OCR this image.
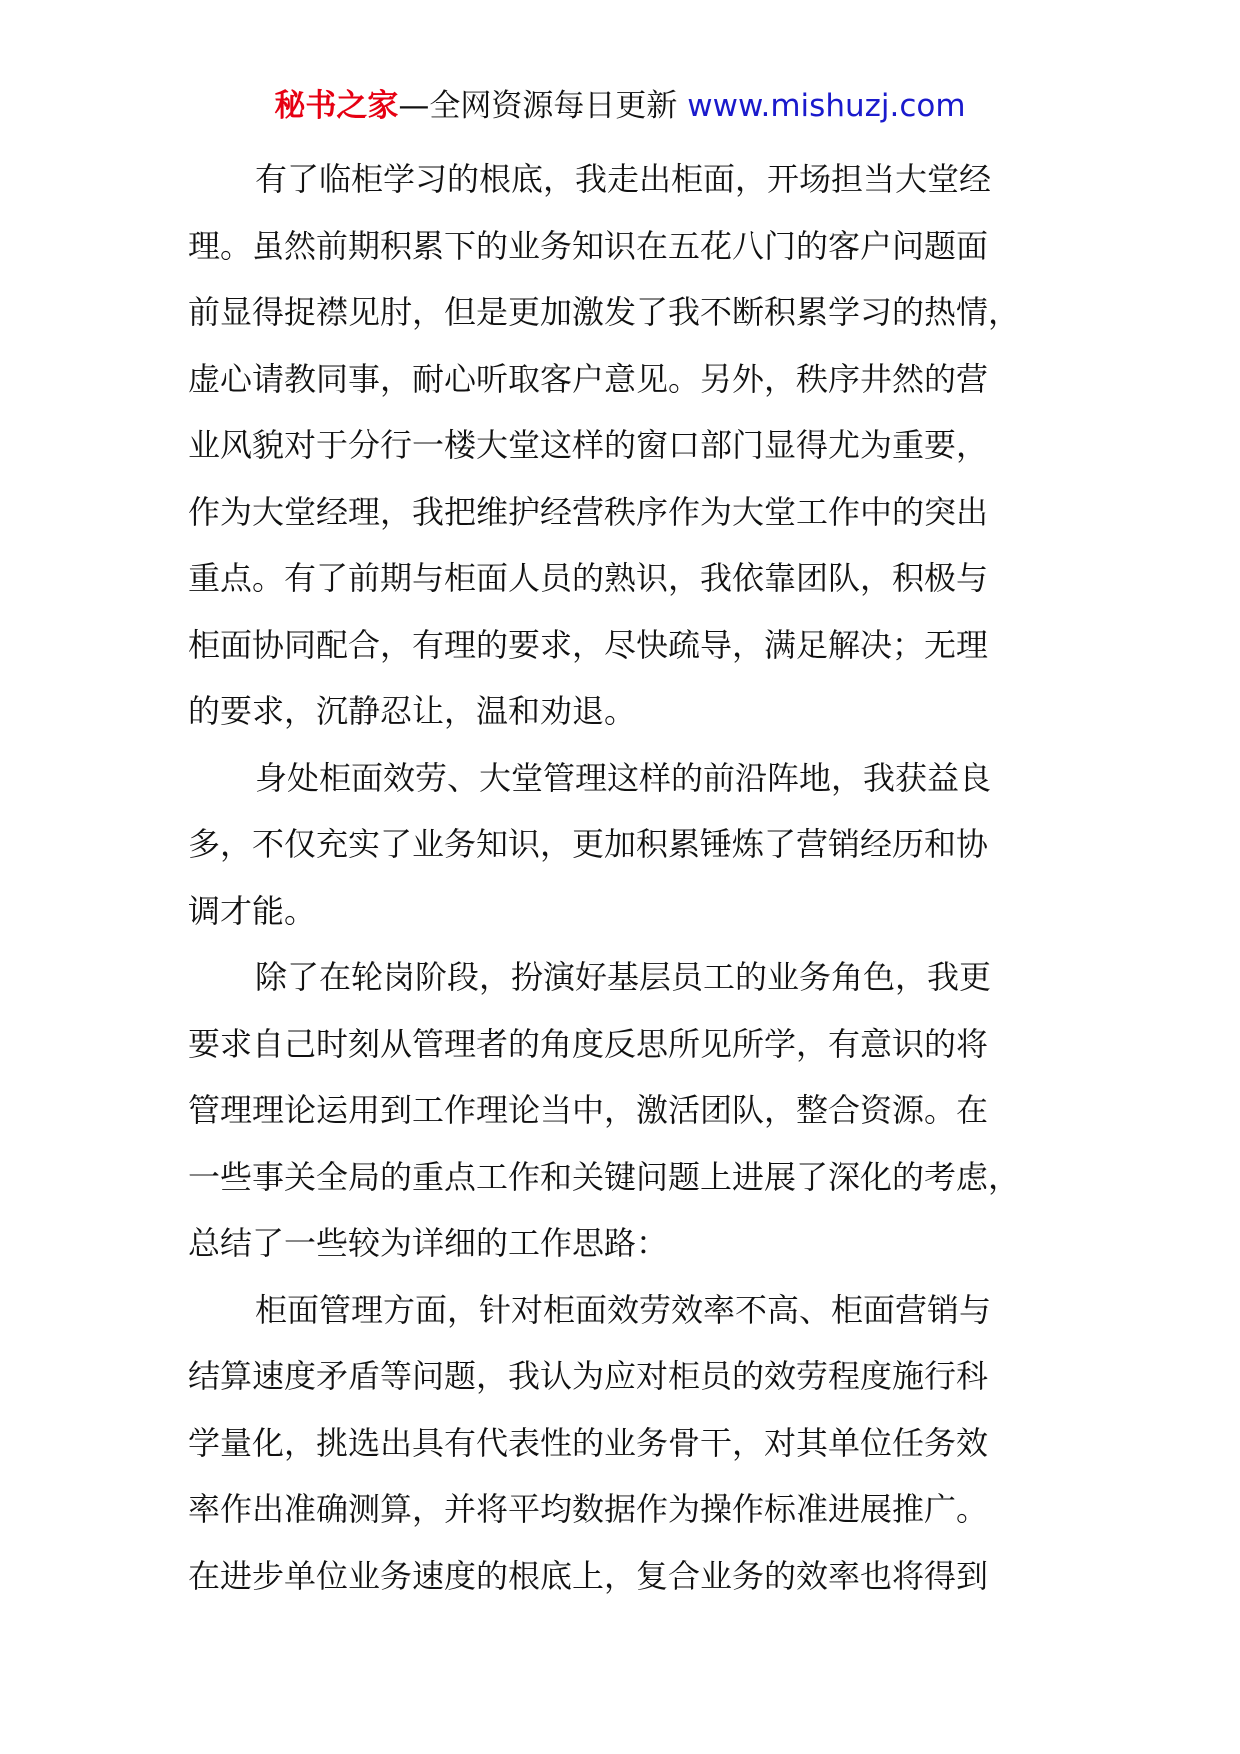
秘书之家—全网资源每日更新 www.mishuzj.com
有了临柜学习的根底，我走出柜面，开场担当大堂经
理。虽然前期积累下的业务知识在五花八门的客户问题面
前显得捉襟见肘，但是更加激发了我不断积累学习的热情，
虚心请教同事，耐心听取客户意见。另外，秩序井然的营
业风貌对于分行一楼大堂这样的窗口部门显得尤为重要，
作为大堂经理，我把维护经营秩序作为大堂工作中的突出
重点。有了前期与柜面人员的熟识，我依靠团队，积极与
柜面协同配合，有理的要求，尽快疏导，满足解决；无理
的要求，沉静忍让，温和劝退。
身处柜面效劳、大堂管理这样的前沿阵地，我获益良
多，不仅充实了业务知识，更加积累锤炼了营销经历和协
调才能。
除了在轮岗阶段，扮演好基层员工的业务角色，我更
要求自己时刻从管理者的角度反思所见所学，有意识的将
管理理论运用到工作理论当中，激活团队，整合资源。在
一些事关全局的重点工作和关键问题上进展了深化的考虑，
总结了一些较为详细的工作思路：
柜面管理方面，针对柜面效劳效率不高、柜面营销与
结算速度矛盾等问题，我认为应对柜员的效劳程度施行科
学量化，挑选出具有代表性的业务骨干，对其单位任务效
率作出准确测算，并将平均数据作为操作标准进展推广。
在进步单位业务速度的根底上，复合业务的效率也将得到
